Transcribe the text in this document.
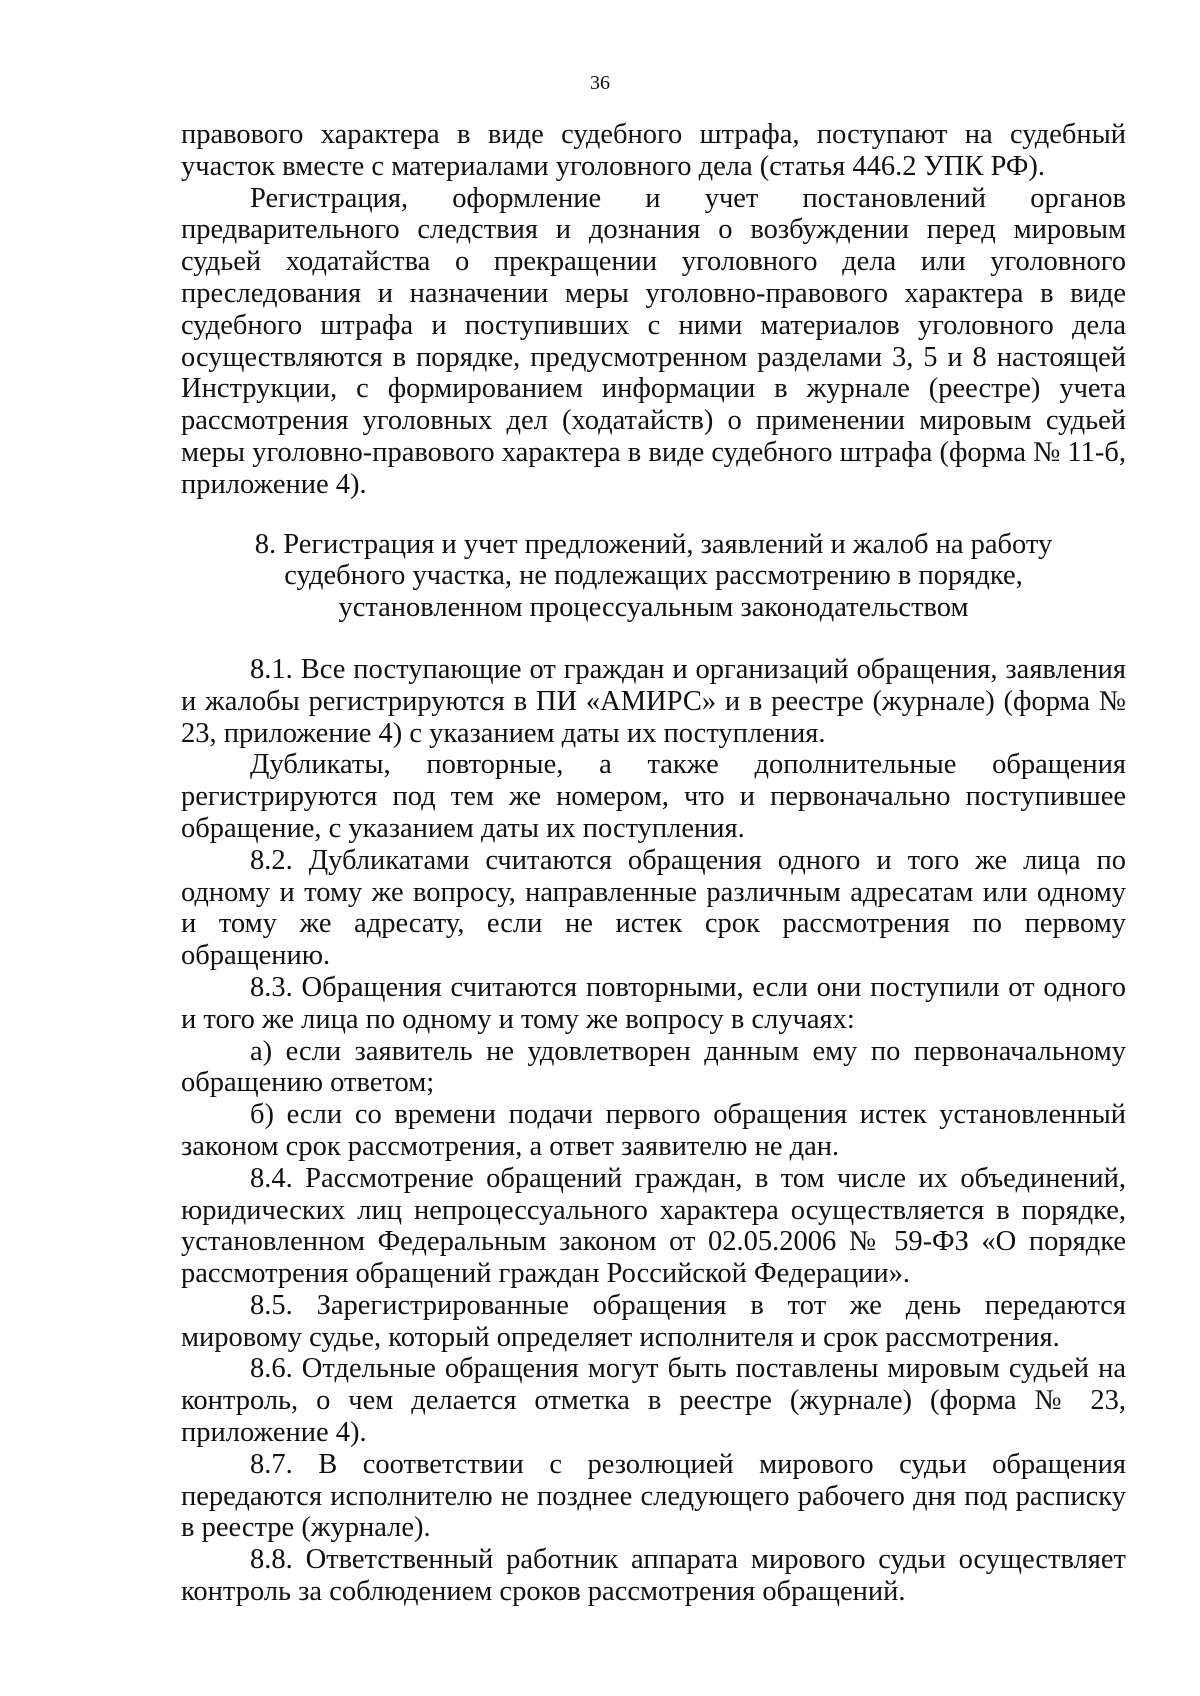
36

правового характера в виде судебного штрафа, поступают на судебный участок вместе с материалами уголовного дела (статья 446.2 УПК РФ).

Регистрация, оформление и учет постановлений органов предварительного следствия и дознания о возбуждении перед мировым судьей ходатайства о прекращении уголовного дела или уголовного преследования и назначении меры уголовно-правового характера в виде судебного штрафа и поступивших с ними материалов уголовного дела осуществляются в порядке, предусмотренном разделами 3, 5 и 8 настоящей Инструкции, с формированием информации в журнале (реестре) учета рассмотрения уголовных дел (ходатайств) о применении мировым судьей меры уголовно-правового характера в виде судебного штрафа (форма № 11-б, приложение 4).

8. Регистрация и учет предложений, заявлений и жалоб на работу
судебного участка, не подлежащих рассмотрению в порядке,
установленном процессуальным законодательством

8.1. Все поступающие от граждан и организаций обращения, заявления и жалобы регистрируются в ПИ «АМИРС» и в реестре (журнале) (форма № 23, приложение 4) с указанием даты их поступления.

Дубликаты, повторные, а также дополнительные обращения регистрируются под тем же номером, что и первоначально поступившее обращение, с указанием даты их поступления.

8.2. Дубликатами считаются обращения одного и того же лица по одному и тому же вопросу, направленные различным адресатам или одному и тому же адресату, если не истек срок рассмотрения по первому обращению.

8.3. Обращения считаются повторными, если они поступили от одного и того же лица по одному и тому же вопросу в случаях:

а) если заявитель не удовлетворен данным ему по первоначальному обращению ответом;

б) если со времени подачи первого обращения истек установленный законом срок рассмотрения, а ответ заявителю не дан.

8.4. Рассмотрение обращений граждан, в том числе их объединений, юридических лиц непроцессуального характера осуществляется в порядке, установленном Федеральным законом от 02.05.2006 № 59-ФЗ «О порядке рассмотрения обращений граждан Российской Федерации».

8.5. Зарегистрированные обращения в тот же день передаются мировому судье, который определяет исполнителя и срок рассмотрения.

8.6. Отдельные обращения могут быть поставлены мировым судьей на контроль, о чем делается отметка в реестре (журнале) (форма № 23, приложение 4).

8.7. В соответствии с резолюцией мирового судьи обращения передаются исполнителю не позднее следующего рабочего дня под расписку в реестре (журнале).

8.8. Ответственный работник аппарата мирового судьи осуществляет контроль за соблюдением сроков рассмотрения обращений.
